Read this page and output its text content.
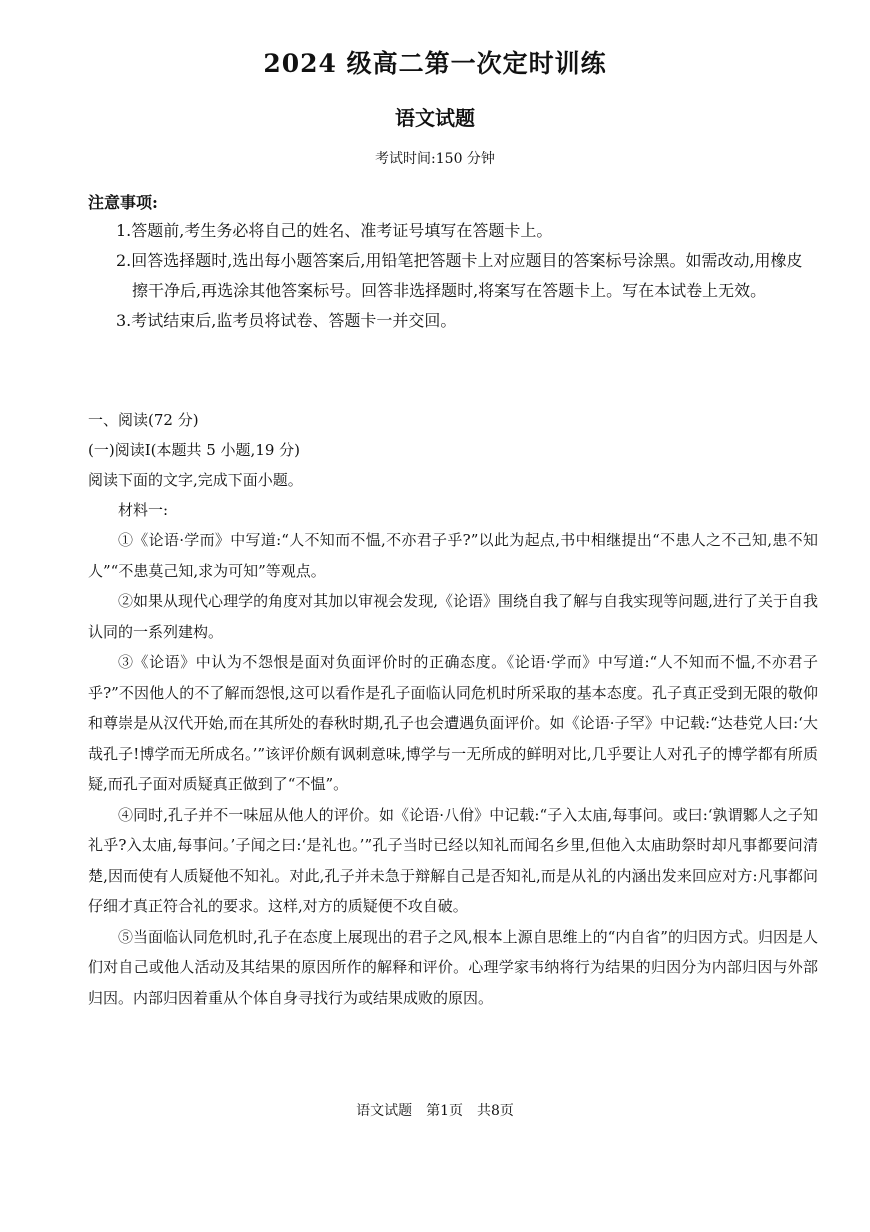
2024 级高二第一次定时训练
语文试题
考试时间:150 分钟
注意事项:
1.答题前,考生务必将自己的姓名、准考证号填写在答题卡上。
2.回答选择题时,选出每小题答案后,用铅笔把答题卡上对应题目的答案标号涂黑。如需改动,用橡皮擦干净后,再选涂其他答案标号。回答非选择题时,将案写在答题卡上。写在本试卷上无效。
3.考试结束后,监考员将试卷、答题卡一并交回。
一、阅读(72 分)
(一)阅读Ⅰ(本题共 5 小题,19 分)
阅读下面的文字,完成下面小题。
材料一:

①《论语·学而》中写道:“人不知而不愠,不亦君子乎?”以此为起点,书中相继提出“不患人之不己知,患不知人”“不患莫己知,求为可知”等观点。

②如果从现代心理学的角度对其加以审视会发现,《论语》围绕自我了解与自我实现等问题,进行了关于自我认同的一系列建构。

③《论语》中认为不怨恨是面对负面评价时的正确态度。《论语·学而》中写道:“人不知而不愠,不亦君子乎?”不因他人的不了解而怨恨,这可以看作是孔子面临认同危机时所采取的基本态度。孔子真正受到无限的敬仰和尊崇是从汉代开始,而在其所处的春秋时期,孔子也会遭遇负面评价。如《论语·子罕》中记载:“达巷党人曰:‘大哉孔子!博学而无所成名。’”该评价颇有讽刺意味,博学与一无所成的鲜明对比,几乎要让人对孔子的博学都有所质疑,而孔子面对质疑真正做到了“不愠”。

④同时,孔子并不一味屈从他人的评价。如《论语·八佾》中记载:“子入太庙,每事问。或曰:‘孰谓鄹人之子知礼乎?入太庙,每事问。’子闻之曰:‘是礼也。’”孔子当时已经以知礼而闻名乡里,但他入太庙助祭时却凡事都要问清楚,因而使有人质疑他不知礼。对此,孔子并未急于辩解自己是否知礼,而是从礼的内涵出发来回应对方:凡事都问仔细才真正符合礼的要求。这样,对方的质疑便不攻自破。

⑤当面临认同危机时,孔子在态度上展现出的君子之风,根本上源自思维上的“内自省”的归因方式。归因是人们对自己或他人活动及其结果的原因所作的解释和评价。心理学家韦纳将行为结果的归因分为内部归因与外部归因。内部归因着重从个体自身寻找行为或结果成败的原因。

语文试题　第1页　共8页
